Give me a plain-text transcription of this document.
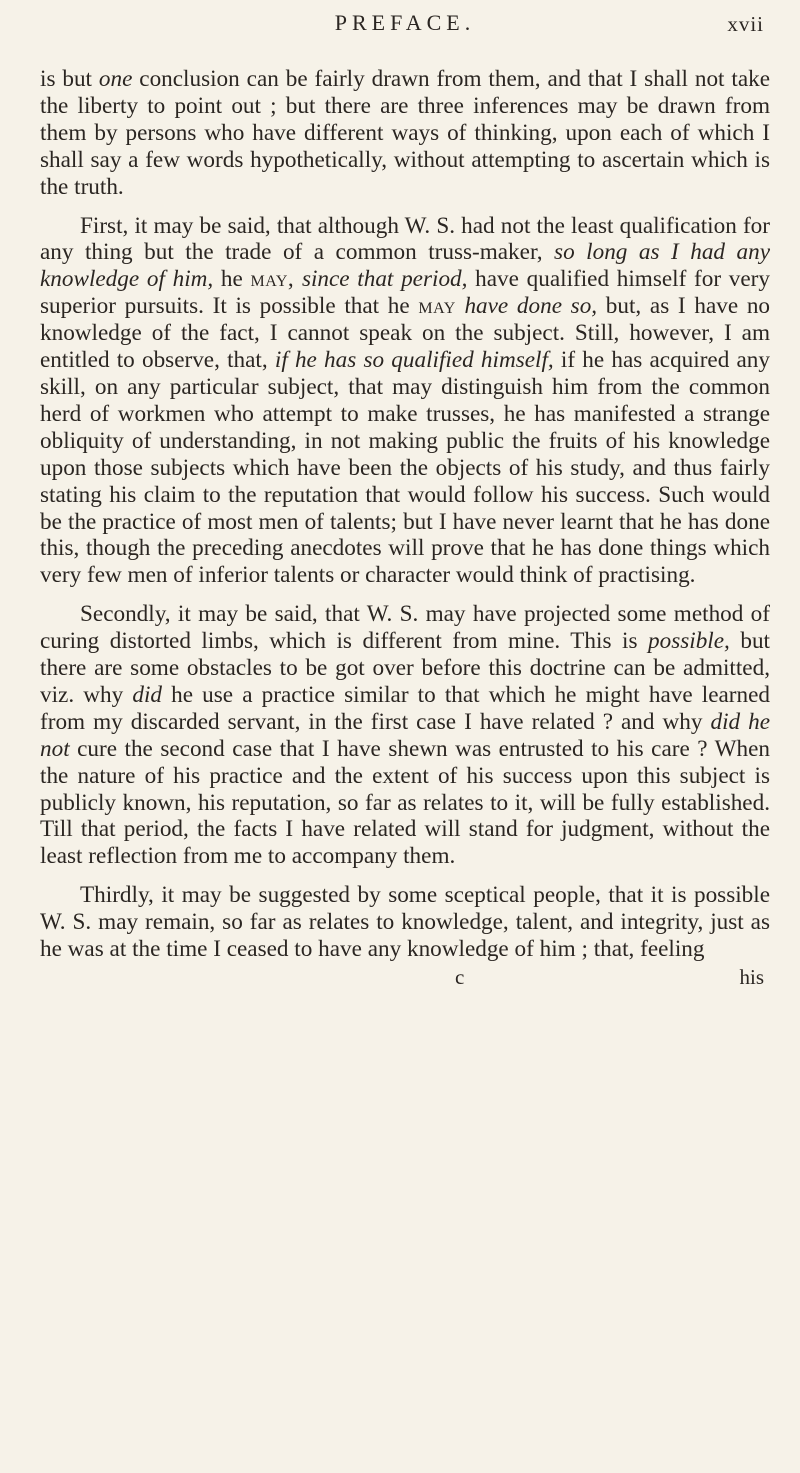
PREFACE.	xvii

is but one conclusion can be fairly drawn from them, and that I shall not take the liberty to point out ; but there are three inferences may be drawn from them by persons who have different ways of thinking, upon each of which I shall say a few words hypothetically, without attempting to ascertain which is the truth.

First, it may be said, that although W. S. had not the least qualification for any thing but the trade of a common truss-maker, so long as I had any knowledge of him, he may, since that period, have qualified himself for very superior pursuits. It is possible that he may have done so, but, as I have no knowledge of the fact, I cannot speak on the subject. Still, however, I am entitled to observe, that, if he has so qualified himself, if he has acquired any skill, on any particular subject, that may distinguish him from the common herd of workmen who attempt to make trusses, he has manifested a strange obliquity of understanding, in not making public the fruits of his knowledge upon those subjects which have been the objects of his study, and thus fairly stating his claim to the reputation that would follow his success. Such would be the practice of most men of talents; but I have never learnt that he has done this, though the preceding anecdotes will prove that he has done things which very few men of inferior talents or character would think of practising.

Secondly, it may be said, that W. S. may have projected some method of curing distorted limbs, which is different from mine. This is possible, but there are some obstacles to be got over before this doctrine can be admitted, viz. why did he use a practice similar to that which he might have learned from my discarded servant, in the first case I have related ? and why did he not cure the second case that I have shewn was entrusted to his care ? When the nature of his practice and the extent of his success upon this subject is publicly known, his reputation, so far as relates to it, will be fully established. Till that period, the facts I have related will stand for judgment, without the least reflection from me to accompany them.

Thirdly, it may be suggested by some sceptical people, that it is possible W. S. may remain, so far as relates to knowledge, talent, and integrity, just as he was at the time I ceased to have any knowledge of him ; that, feeling

c	his
